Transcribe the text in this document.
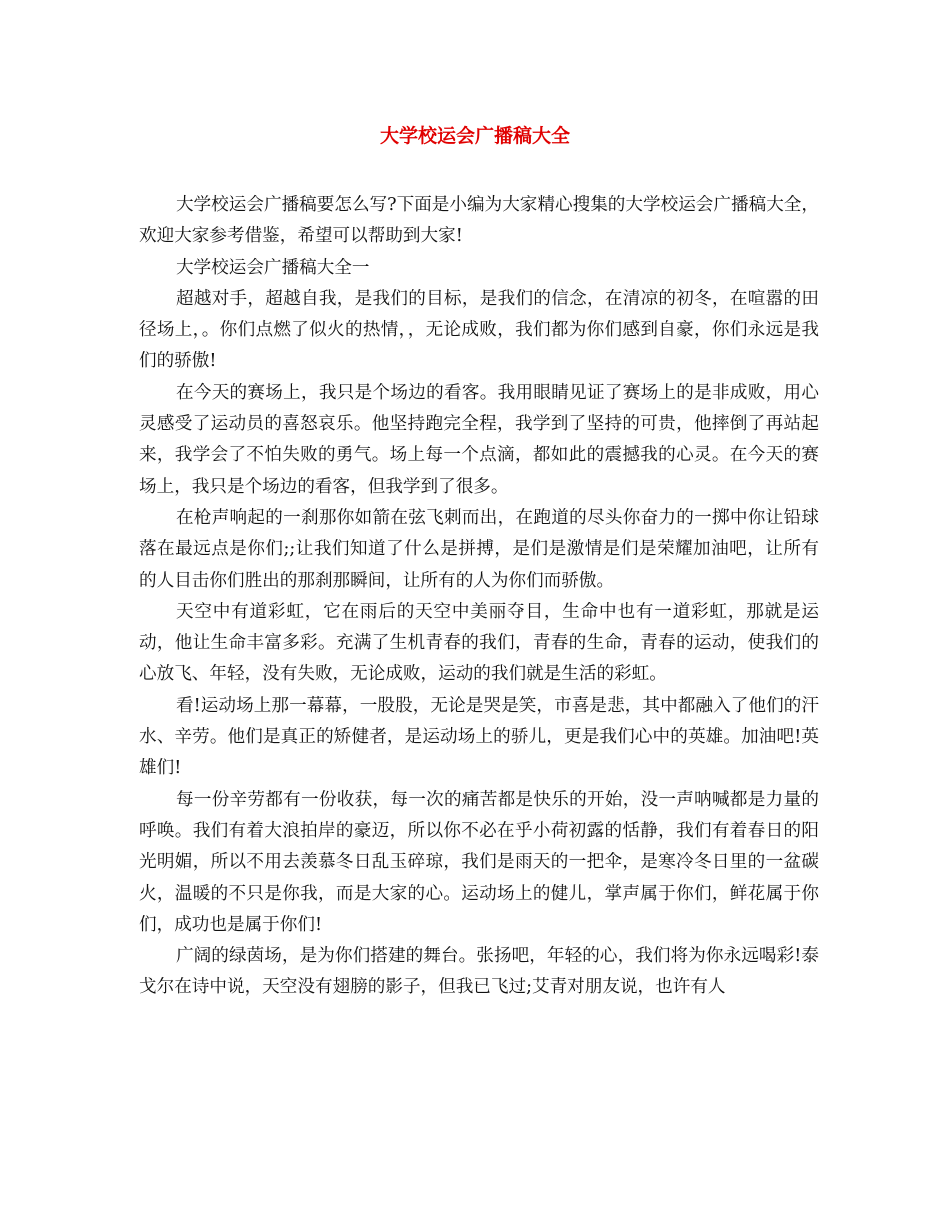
大学校运会广播稿大全

大学校运会广播稿要怎么写?下面是小编为大家精心搜集的大学校运会广播稿大全，欢迎大家参考借鉴，希望可以帮助到大家!

大学校运会广播稿大全一

超越对手，超越自我，是我们的目标，是我们的信念，在清凉的初冬，在喧嚣的田径场上，。你们点燃了似火的热情，，无论成败，我们都为你们感到自豪，你们永远是我们的骄傲!

在今天的赛场上，我只是个场边的看客。我用眼睛见证了赛场上的是非成败，用心灵感受了运动员的喜怒哀乐。他坚持跑完全程，我学到了坚持的可贵，他摔倒了再站起来，我学会了不怕失败的勇气。场上每一个点滴，都如此的震撼我的心灵。在今天的赛场上，我只是个场边的看客，但我学到了很多。

在枪声响起的一刹那你如箭在弦飞刺而出，在跑道的尽头你奋力的一掷中你让铅球落在最远点是你们;;让我们知道了什么是拼搏，是们是激情是们是荣耀加油吧，让所有的人目击你们胜出的那刹那瞬间，让所有的人为你们而骄傲。

天空中有道彩虹，它在雨后的天空中美丽夺目，生命中也有一道彩虹，那就是运动，他让生命丰富多彩。充满了生机青春的我们，青春的生命，青春的运动，使我们的心放飞、年轻，没有失败，无论成败，运动的我们就是生活的彩虹。

看!运动场上那一幕幕，一股股，无论是哭是笑，市喜是悲，其中都融入了他们的汗水、辛劳。他们是真正的矫健者，是运动场上的骄儿，更是我们心中的英雄。加油吧!英雄们!

每一份辛劳都有一份收获，每一次的痛苦都是快乐的开始，没一声呐喊都是力量的呼唤。我们有着大浪拍岸的豪迈，所以你不必在乎小荷初露的恬静，我们有着春日的阳光明媚，所以不用去羡慕冬日乱玉碎琼，我们是雨天的一把伞，是寒冷冬日里的一盆碳火，温暖的不只是你我，而是大家的心。运动场上的健儿，掌声属于你们，鲜花属于你们，成功也是属于你们!

广阔的绿茵场，是为你们搭建的舞台。张扬吧，年轻的心，我们将为你永远喝彩!泰戈尔在诗中说，天空没有翅膀的影子，但我已飞过;艾青对朋友说，也许有人
